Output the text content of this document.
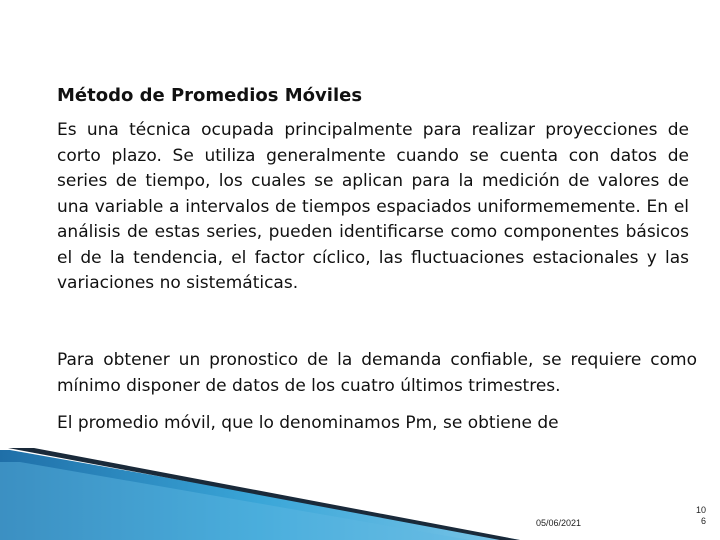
Método de Promedios Móviles

Es una técnica ocupada principalmente para realizar proyecciones de corto plazo. Se utiliza generalmente cuando se cuenta con datos de series de tiempo, los cuales se aplican para la medición de valores de una variable a intervalos de tiempos espaciados uniformememente. En el análisis de estas series, pueden identificarse como componentes básicos el de la tendencia, el factor cíclico, las fluctuaciones estacionales y las variaciones no sistemáticas.

Para obtener un pronostico de la demanda confiable, se requiere como mínimo disponer de datos de los cuatro últimos trimestres.

El promedio móvil, que lo denominamos Pm, se obtiene de

05/06/2021
10
6
